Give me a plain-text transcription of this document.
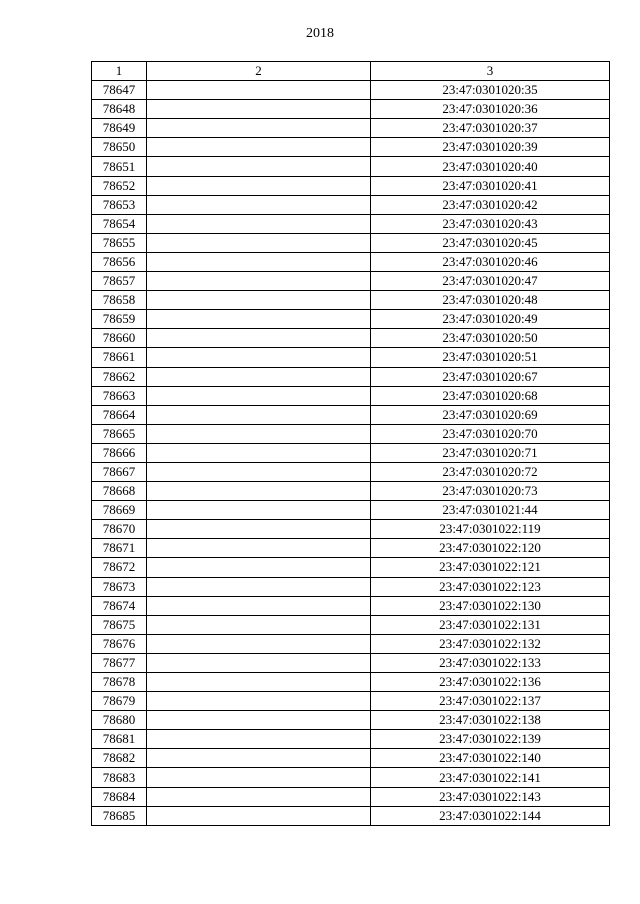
2018
1	2	3
78647		23:47:0301020:35
78648		23:47:0301020:36
78649		23:47:0301020:37
78650		23:47:0301020:39
78651		23:47:0301020:40
78652		23:47:0301020:41
78653		23:47:0301020:42
78654		23:47:0301020:43
78655		23:47:0301020:45
78656		23:47:0301020:46
78657		23:47:0301020:47
78658		23:47:0301020:48
78659		23:47:0301020:49
78660		23:47:0301020:50
78661		23:47:0301020:51
78662		23:47:0301020:67
78663		23:47:0301020:68
78664		23:47:0301020:69
78665		23:47:0301020:70
78666		23:47:0301020:71
78667		23:47:0301020:72
78668		23:47:0301020:73
78669		23:47:0301021:44
78670		23:47:0301022:119
78671		23:47:0301022:120
78672		23:47:0301022:121
78673		23:47:0301022:123
78674		23:47:0301022:130
78675		23:47:0301022:131
78676		23:47:0301022:132
78677		23:47:0301022:133
78678		23:47:0301022:136
78679		23:47:0301022:137
78680		23:47:0301022:138
78681		23:47:0301022:139
78682		23:47:0301022:140
78683		23:47:0301022:141
78684		23:47:0301022:143
78685		23:47:0301022:144
